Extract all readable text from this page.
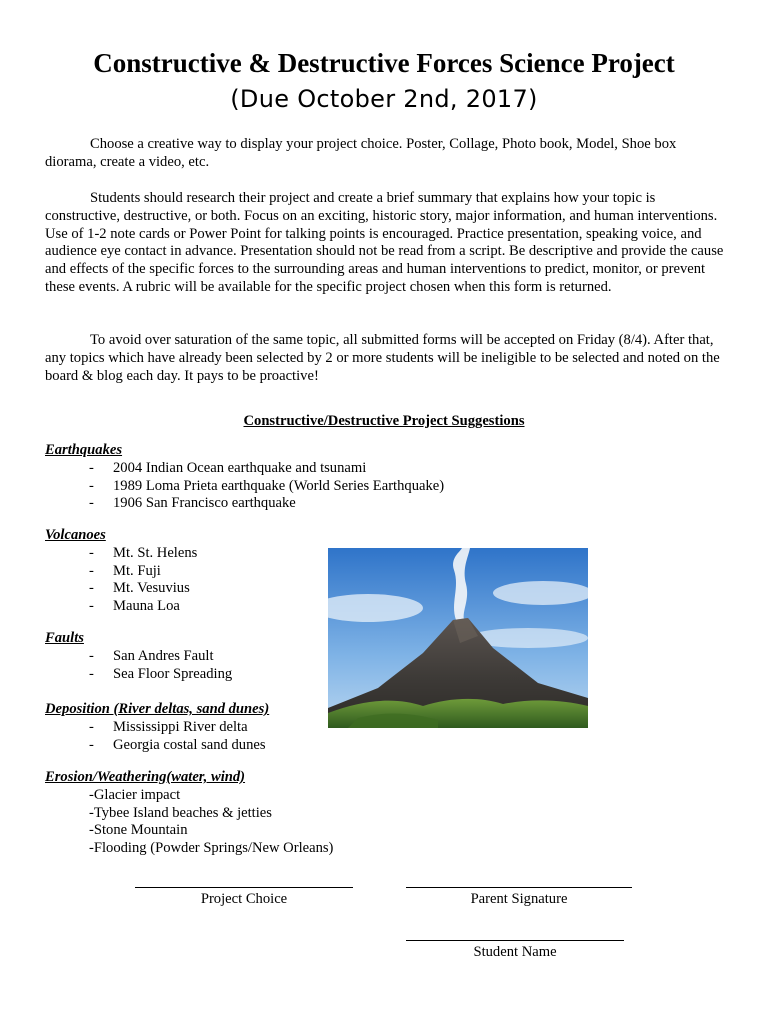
Constructive & Destructive Forces Science Project
(Due October 2nd, 2017)

Choose a creative way to display your project choice. Poster, Collage, Photo book, Model, Shoe box diorama, create a video, etc.

Students should research their project and create a brief summary that explains how your topic is constructive, destructive, or both. Focus on an exciting, historic story, major information, and human interventions. Use of 1-2 note cards or Power Point for talking points is encouraged. Practice presentation, speaking voice, and audience eye contact in advance. Presentation should not be read from a script. Be descriptive and provide the cause and effects of the specific forces to the surrounding areas and human interventions to predict, monitor, or prevent these events. A rubric will be available for the specific project chosen when this form is returned.

To avoid over saturation of the same topic, all submitted forms will be accepted on Friday (8/4). After that, any topics which have already been selected by 2 or more students will be ineligible to be selected and noted on the board & blog each day. It pays to be proactive!

Constructive/Destructive Project Suggestions
Earthquakes
- 2004 Indian Ocean earthquake and tsunami
- 1989 Loma Prieta earthquake (World Series Earthquake)
- 1906 San Francisco earthquake
Volcanoes
- Mt. St. Helens
- Mt. Fuji
- Mt. Vesuvius
- Mauna Loa
Faults
- San Andres Fault
- Sea Floor Spreading
Deposition (River deltas, sand dunes)
- Mississippi River delta
- Georgia costal sand dunes
Erosion/Weathering(water, wind)
-Glacier impact
-Tybee Island beaches & jetties
-Stone Mountain
-Flooding (Powder Springs/New Orleans)
Project Choice	Parent Signature
Student Name
